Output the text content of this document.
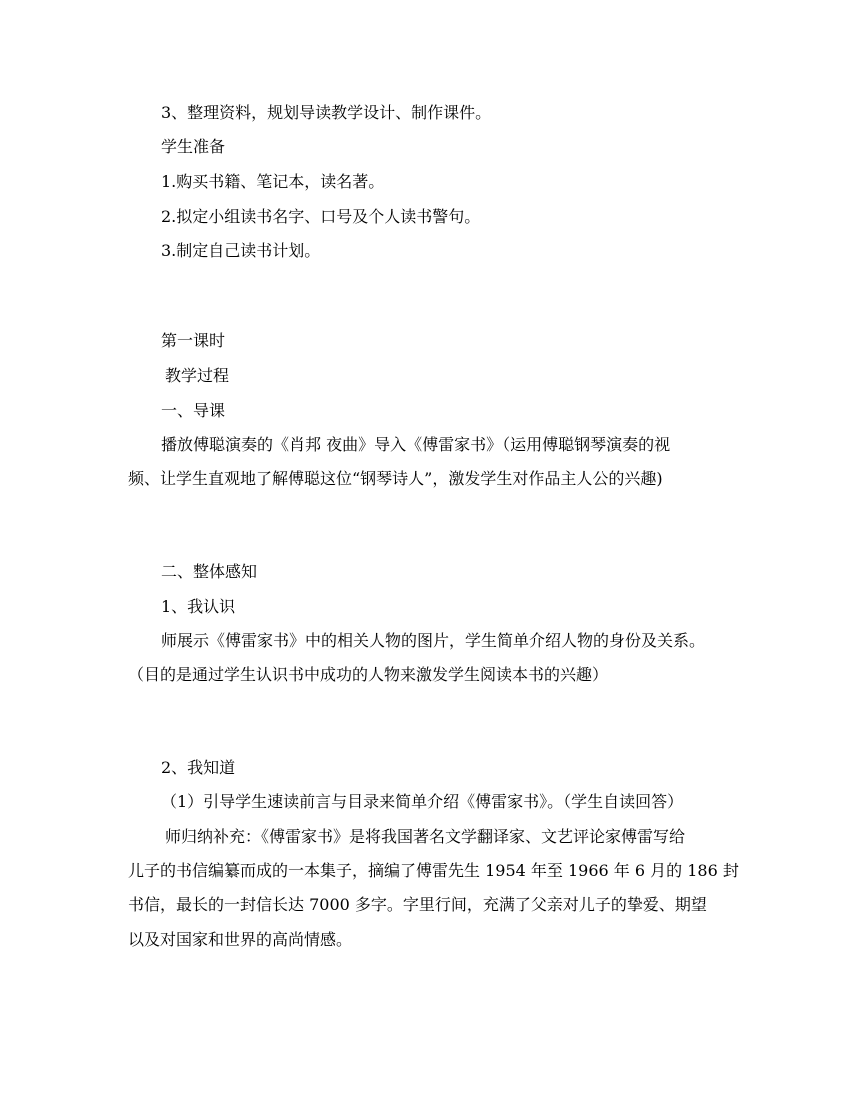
3、整理资料，规划导读教学设计、制作课件。
学生准备
1.购买书籍、笔记本，读名著。
2.拟定小组读书名字、口号及个人读书警句。
3.制定自己读书计划。
第一课时
教学过程
一、导课
播放傅聪演奏的《肖邦 夜曲》导入《傅雷家书》（运用傅聪钢琴演奏的视
频、让学生直观地了解傅聪这位“钢琴诗人”，激发学生对作品主人公的兴趣)
二、整体感知
1、我认识
师展示《傅雷家书》中的相关人物的图片，学生简单介绍人物的身份及关系。
（目的是通过学生认识书中成功的人物来激发学生阅读本书的兴趣）
2、我知道
（1）引导学生速读前言与目录来简单介绍《傅雷家书》。（学生自读回答）
师归纳补充：《傅雷家书》是将我国著名文学翻译家、文艺评论家傅雷写给
儿子的书信编纂而成的一本集子，摘编了傅雷先生 1954 年至 1966 年 6 月的 186 封
书信，最长的一封信长达 7000 多字。字里行间，充满了父亲对儿子的挚爱、期望
以及对国家和世界的高尚情感。
